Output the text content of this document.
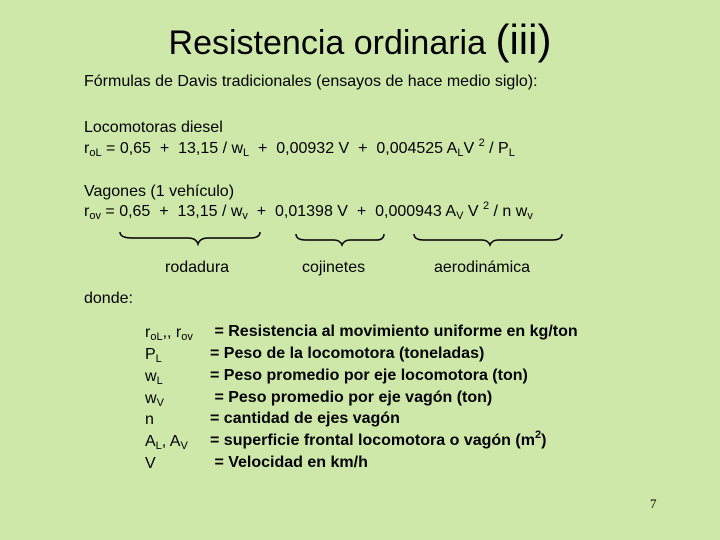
Resistencia ordinaria (iii)
Fórmulas de Davis tradicionales (ensayos de hace medio siglo):
Locomotoras diesel
$r_{oL} = 0,65 + 13,15 / w_L + 0,00932$ V  +  0,004525 $A_LV$ $^2 / P_L$
Vagones (1 vehículo)
$r_{ov} = 0,65 + 13,15 / w_v + 0,01398$ V  +  0,000943 $A_V$ V $^2$ / n $w_v$
rodadura	cojinetes	aerodinámica
donde:
$r_{oL}$,, $r_{ov}$ = Resistencia al movimiento uniforme en kg/ton
$P_L$	= Peso de la locomotora (toneladas)
$w_L$	= Peso promedio por eje locomotora (ton)
$w_V$	= Peso promedio por eje vagón (ton)
n	= cantidad de ejes vagón
$A_L$, $A_V$ = superficie frontal locomotora o vagón $(m^2)$
V	= Velocidad en km/h
7
